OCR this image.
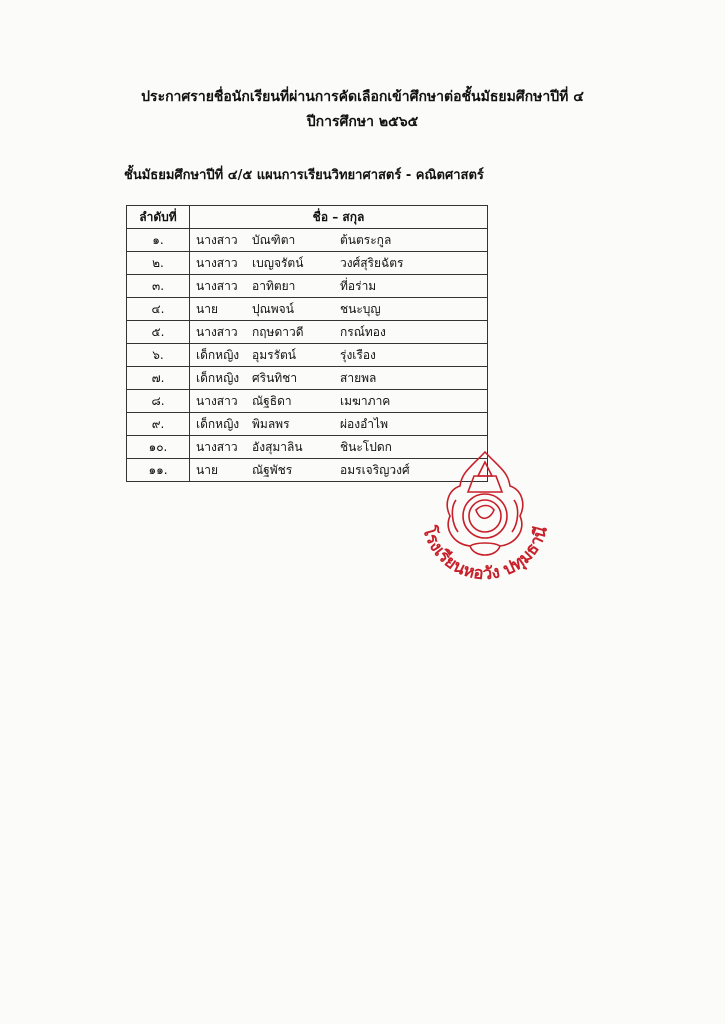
ประกาศรายชื่อนักเรียนที่ผ่านการคัดเลือกเข้าศึกษาต่อชั้นมัธยมศึกษาปีที่ ๔
ปีการศึกษา ๒๕๖๕
ชั้นมัธยมศึกษาปีที่ ๔/๕ แผนการเรียนวิทยาศาสตร์ - คณิตศาสตร์
ลำดับที่	ชื่อ – สกุล
๑.	นางสาว บัณฑิตา ต้นตระกูล

๒.	นางสาว เบญจรัตน์ วงศ์สุริยฉัตร

๓.	นางสาว อาทิตยา ที่อร่าม

๔.	นาย ปุณพจน์ ชนะบุญ

๕.	นางสาว กฤษดาวดี กรณ์ทอง

๖.	เด็กหญิง อุมรรัตน์ รุ่งเรือง

๗.	เด็กหญิง ศรินทิชา สายพล

๘.	นางสาว ณัฐธิดา เมฆาภาค

๙.	เด็กหญิง พิมลพร ผ่องอำไพ

๑๐.	นางสาว อังสุมาลิน ชินะโปดก

๑๑.	นาย ณัฐพัชร อมรเจริญวงศ์
โรงเรียนหอวัง ปทุมธานี
